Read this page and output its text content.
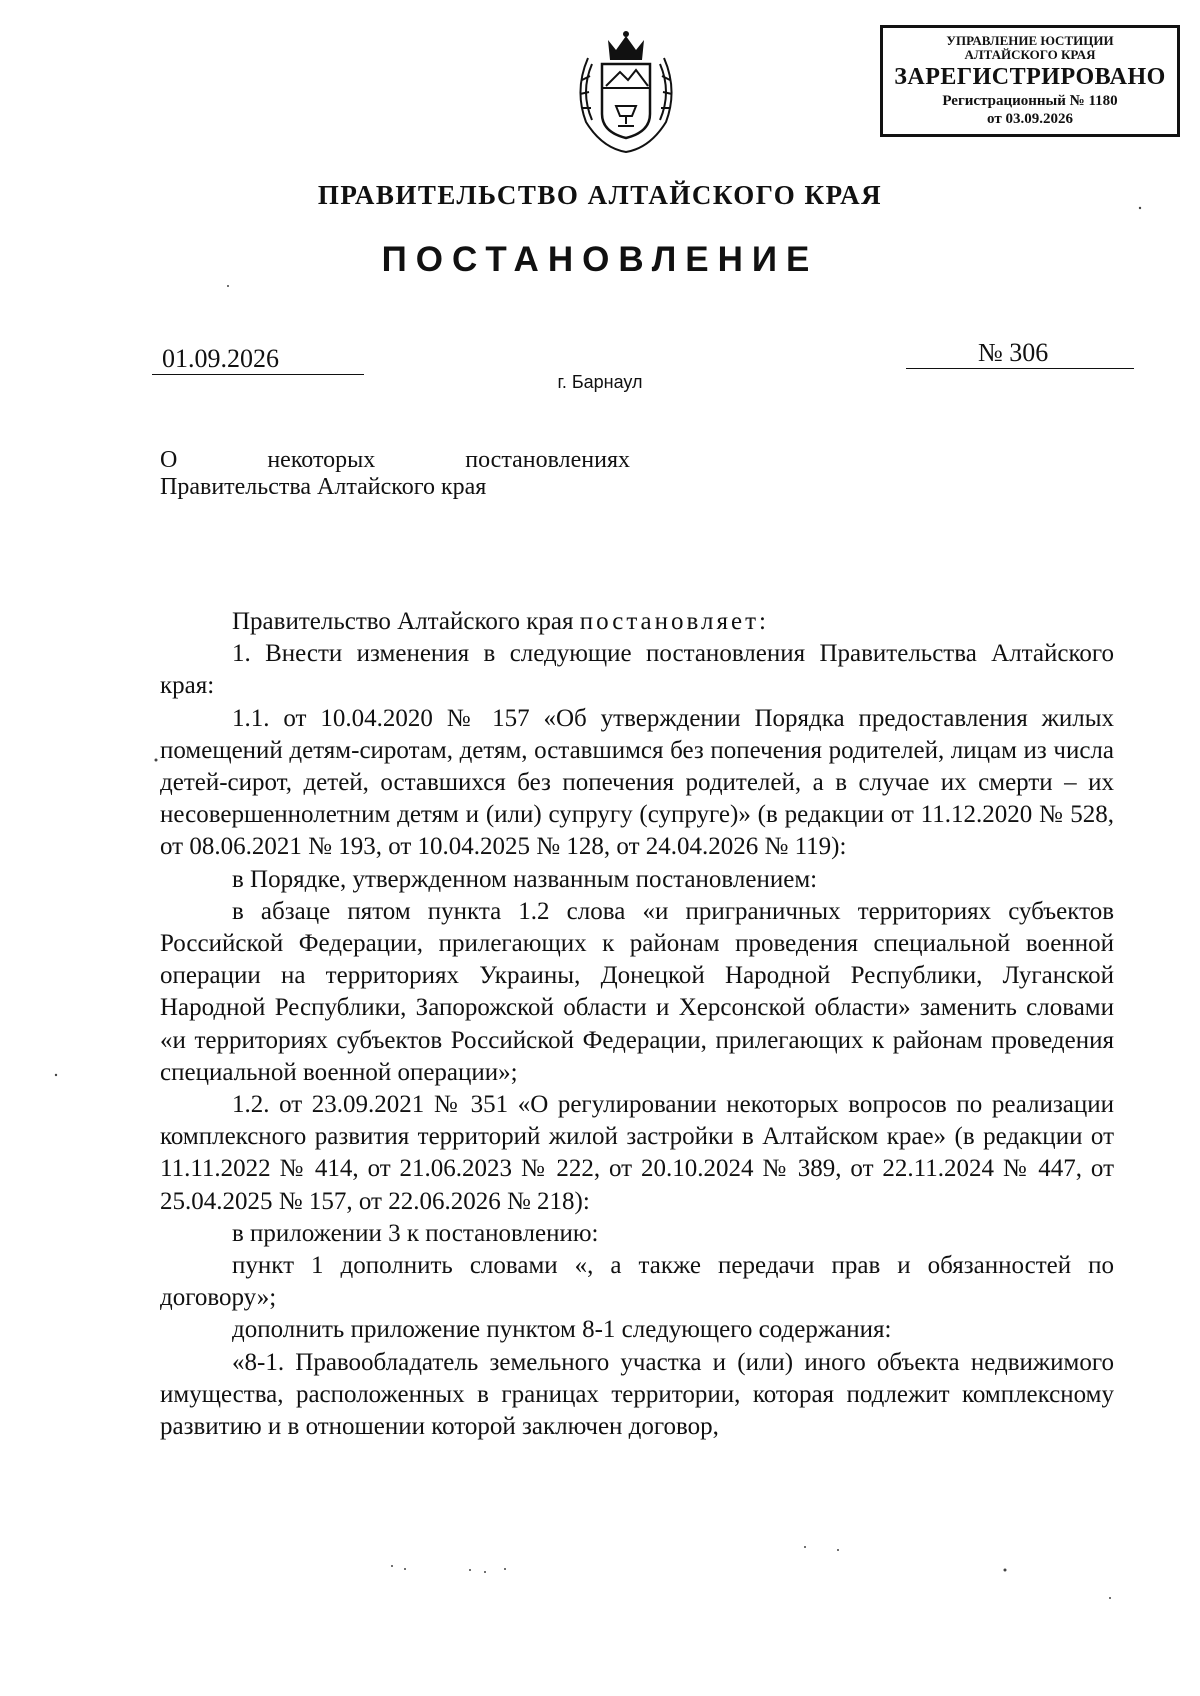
УПРАВЛЕНИЕ ЮСТИЦИИ
АЛТАЙСКОГО КРАЯ
ЗАРЕГИСТРИРОВАНО
Регистрационный № 1180
от 03.09.2026
ПРАВИТЕЛЬСТВО АЛТАЙСКОГО КРАЯ
ПОСТАНОВЛЕНИЕ
01.09.2026	№ 306
г. Барнаул
О	некоторых	постановлениях
Правительства Алтайского края

Правительство Алтайского края постановляет:

1. Внести изменения в следующие постановления Правительства Алтайского края:

1.1. от 10.04.2020 № 157 «Об утверждении Порядка предоставления жилых помещений детям-сиротам, детям, оставшимся без попечения родителей, лицам из числа детей-сирот, детей, оставшихся без попечения родителей, а в случае их смерти – их несовершеннолетним детям и (или) супругу (супруге)» (в редакции от 11.12.2020 № 528, от 08.06.2021 № 193, от 10.04.2025 № 128, от 24.04.2026 № 119):

в Порядке, утвержденном названным постановлением:

в абзаце пятом пункта 1.2 слова «и приграничных территориях субъектов Российской Федерации, прилегающих к районам проведения специальной военной операции на территориях Украины, Донецкой Народной Республики, Луганской Народной Республики, Запорожской области и Херсонской области» заменить словами «и территориях субъектов Российской Федерации, прилегающих к районам проведения специальной военной операции»;

1.2. от 23.09.2021 № 351 «О регулировании некоторых вопросов по реализации комплексного развития территорий жилой застройки в Алтайском крае» (в редакции от 11.11.2022 № 414, от 21.06.2023 № 222, от 20.10.2024 № 389, от 22.11.2024 № 447, от 25.04.2025 № 157, от 22.06.2026 № 218):

в приложении 3 к постановлению:

пункт 1 дополнить словами «, а также передачи прав и обязанностей по договору»;

дополнить приложение пунктом 8-1 следующего содержания:

«8-1. Правообладатель земельного участка и (или) иного объекта недвижимого имущества, расположенных в границах территории, которая подлежит комплексному развитию и в отношении которой заключен договор,
